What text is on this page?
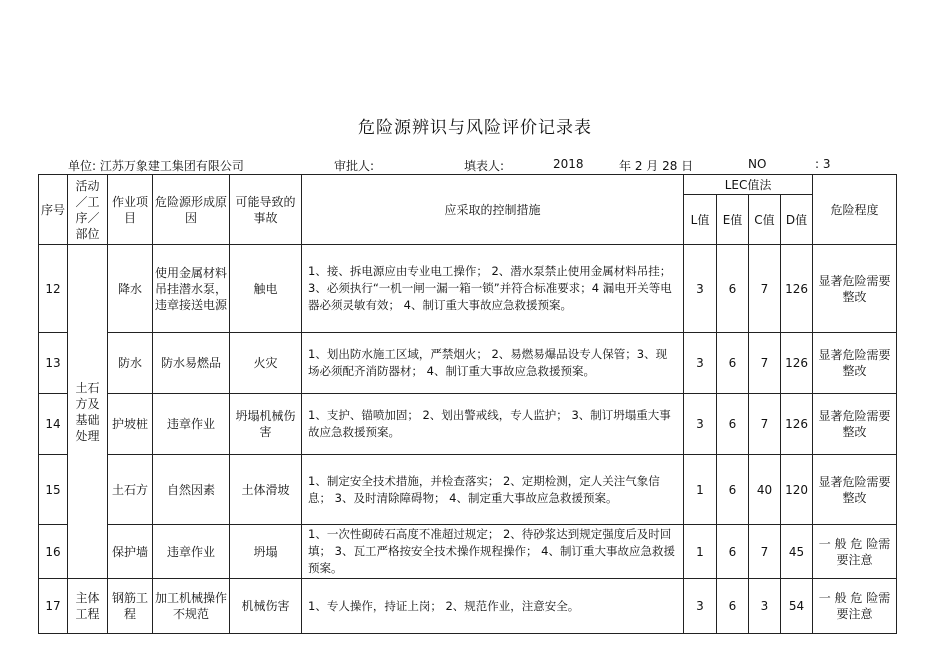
危险源辨识与风险评价记录表
单位: 江苏万象建工集团有限公司	审批人:	填表人:	2018	年 2 月 28 日	NO	: 3
序号	活动／工序／部位	作业项目	危险源形成原因	可能导致的事故	应采取的控制措施	LEC值法				危险程度
						L值	E值	C值	D值	
12	土石方及基础处理	降水	使用金属材料吊挂潜水泵，违章接送电源	触电	1、接、拆电源应由专业电工操作； 2、潜水泵禁止使用金属材料吊挂；3、必须执行“一机一闸一漏一箱一锁”并符合标准要求；4 漏电开关等电器必须灵敏有效； 4、制订重大事故应急救援预案。	3	6	7	126	显著危险需要整改
13		防水	防水易燃品	火灾	1、划出防水施工区域，严禁烟火； 2、易燃易爆品设专人保管；3、现场必须配齐消防器材； 4、制订重大事故应急救援预案。	3	6	7	126	显著危险需要整改
14		护坡桩	违章作业	坍塌机械伤害	1、支护、锚喷加固； 2、划出警戒线，专人监护； 3、制订坍塌重大事故应急救援预案。	3	6	7	126	显著危险需要整改
15		土石方	自然因素	土体滑坡	1、制定安全技术措施，并检查落实； 2、定期检测，定人关注气象信息； 3、及时清除障碍物； 4、制定重大事故应急救援预案。	1	6	40	120	显著危险需要整改
16		保护墙	违章作业	坍塌	1、一次性砌砖石高度不准超过规定； 2、待砂浆达到规定强度后及时回填； 3、瓦工严格按安全技术操作规程操作； 4、制订重大事故应急救援预案。	1	6	7	45	一 般 危 险需要注意
17	主体工程	钢筋工程	加工机械操作不规范	机械伤害	1、专人操作，持证上岗； 2、规范作业，注意安全。	3	6	3	54	一 般 危 险需要注意
